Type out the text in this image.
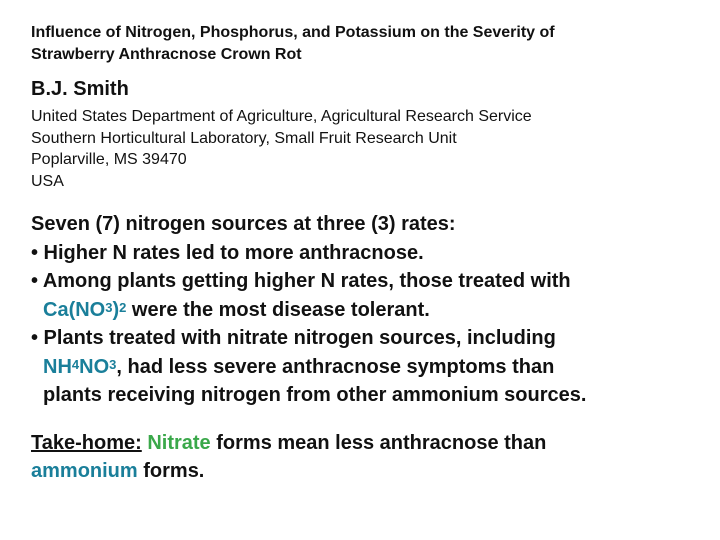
Influence of Nitrogen, Phosphorus, and Potassium on the Severity of
Strawberry Anthracnose Crown Rot
B.J. Smith
United States Department of Agriculture, Agricultural Research Service
Southern Horticultural Laboratory, Small Fruit Research Unit
Poplarville, MS 39470
USA
Seven (7) nitrogen sources at three (3) rates:
• Higher N rates led to more anthracnose.
• Among plants getting higher N rates, those treated with
$Ca(NO^3)^2$ were the most disease tolerant.
• Plants treated with nitrate nitrogen sources, including
$NH^4NO^3$, had less severe anthracnose symptoms than
plants receiving nitrogen from other ammonium sources.
Take-home: Nitrate forms mean less anthracnose than
ammonium forms.
